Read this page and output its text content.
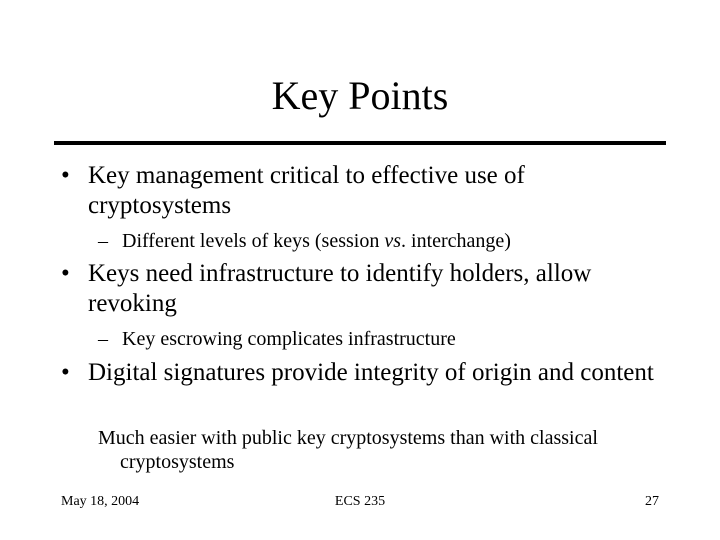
Key Points
• Key management critical to effective use of cryptosystems
– Different levels of keys (session vs. interchange)
• Keys need infrastructure to identify holders, allow revoking
– Key escrowing complicates infrastructure
• Digital signatures provide integrity of origin and content
Much easier with public key cryptosystems than with classical cryptosystems
May 18, 2004	ECS 235	27
